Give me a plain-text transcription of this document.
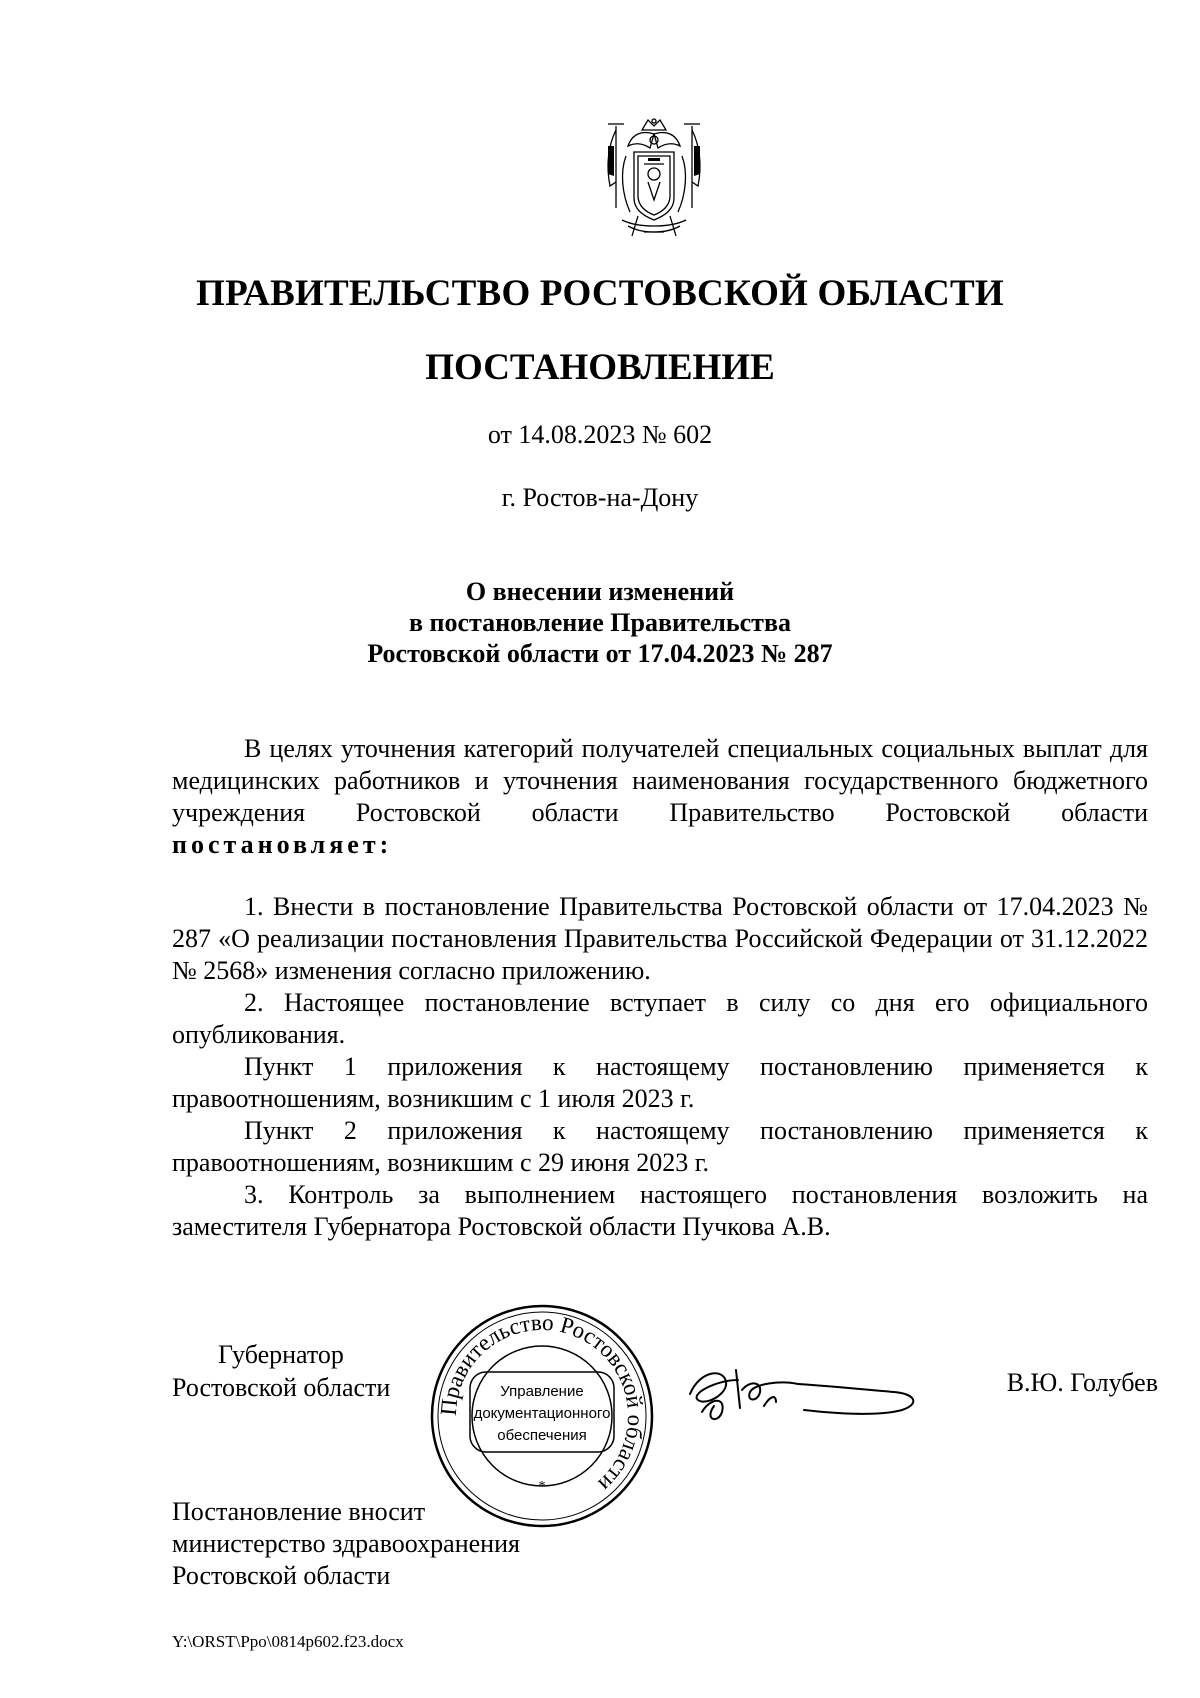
ПРАВИТЕЛЬСТВО РОСТОВСКОЙ ОБЛАСТИ
ПОСТАНОВЛЕНИЕ
от 14.08.2023 № 602
г. Ростов-на-Дону
О внесении изменений
в постановление Правительства
Ростовской области от 17.04.2023 № 287

В целях уточнения категорий получателей специальных социальных выплат для медицинских работников и уточнения наименования государственного бюджетного учреждения Ростовской области Правительство Ростовской области постановляет:

1. Внести в постановление Правительства Ростовской области от 17.04.2023 № 287 «О реализации постановления Правительства Российской Федерации от 31.12.2022 № 2568» изменения согласно приложению.

2. Настоящее постановление вступает в силу со дня его официального опубликования.

Пункт 1 приложения к настоящему постановлению применяется к правоотношениям, возникшим с 1 июля 2023 г.

Пункт 2 приложения к настоящему постановлению применяется к правоотношениям, возникшим с 29 июня 2023 г.

3. Контроль за выполнением настоящего постановления возложить на заместителя Губернатора Ростовской области Пучкова А.В.

Губернатор
Ростовской области
Правительство Ростовской области
*
Управление
документационного
обеспечения
В.Ю. Голубев
Постановление вносит
министерство здравоохранения
Ростовской области
Y:\ORST\Ppo\0814p602.f23.docx
